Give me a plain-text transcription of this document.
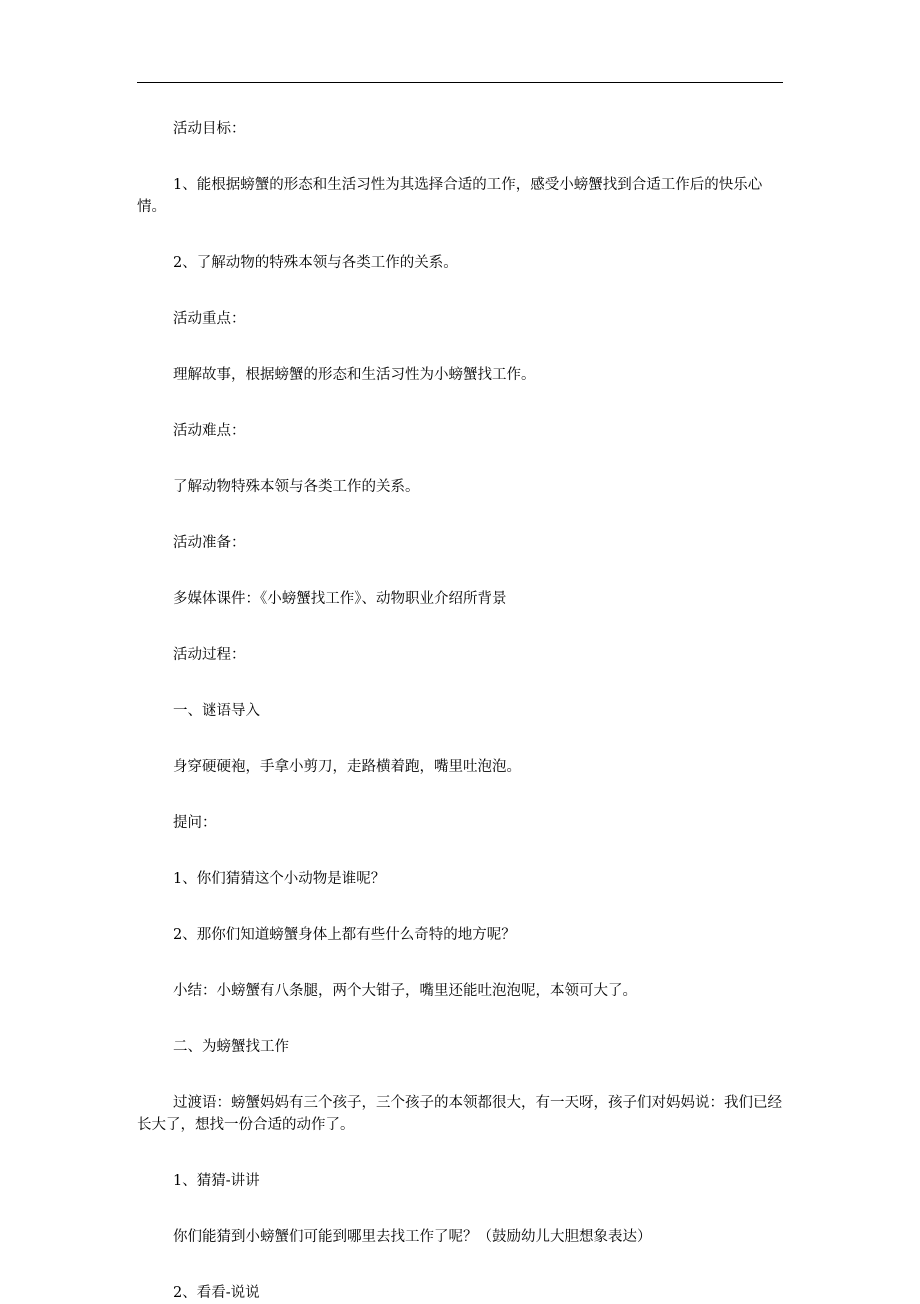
活动目标：

1、能根据螃蟹的形态和生活习性为其选择合适的工作，感受小螃蟹找到合适工作后的快乐心情。

2、了解动物的特殊本领与各类工作的关系。

活动重点：

理解故事，根据螃蟹的形态和生活习性为小螃蟹找工作。

活动难点：

了解动物特殊本领与各类工作的关系。

活动准备：

多媒体课件：《小螃蟹找工作》、动物职业介绍所背景

活动过程：

一、谜语导入

身穿硬硬袍，手拿小剪刀，走路横着跑，嘴里吐泡泡。

提问：

1、你们猜猜这个小动物是谁呢？

2、那你们知道螃蟹身体上都有些什么奇特的地方呢？

小结：小螃蟹有八条腿，两个大钳子，嘴里还能吐泡泡呢，本领可大了。

二、为螃蟹找工作

过渡语：螃蟹妈妈有三个孩子，三个孩子的本领都很大，有一天呀，孩子们对妈妈说：我们已经长大了，想找一份合适的动作了。

1、猜猜-讲讲

你们能猜到小螃蟹们可能到哪里去找工作了呢？（鼓励幼儿大胆想象表达）

2、看看-说说
